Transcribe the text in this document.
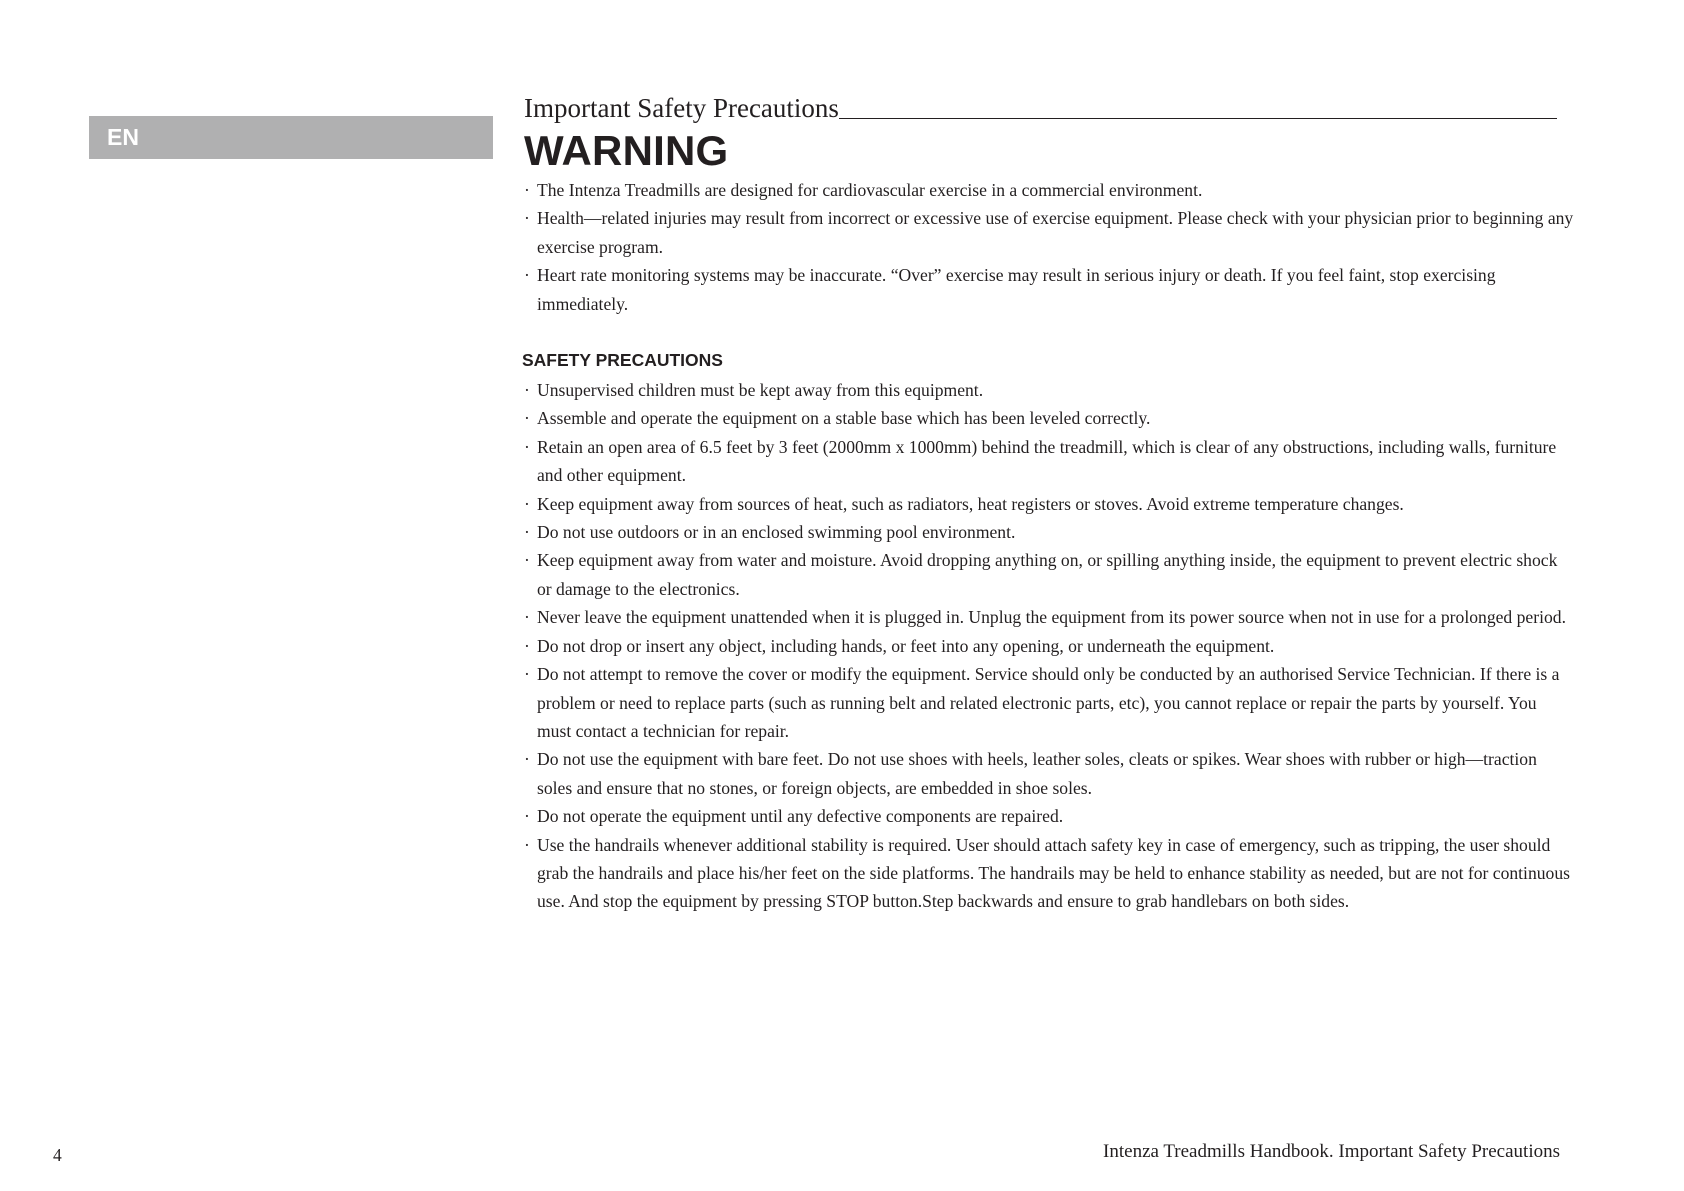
EN
Important Safety Precautions
WARNING
· The Intenza Treadmills are designed for cardiovascular exercise in a commercial environment.
· Health—related injuries may result from incorrect or excessive use of exercise equipment. Please check with your physician prior to beginning any exercise program.
· Heart rate monitoring systems may be inaccurate. “Over” exercise may result in serious injury or death. If you feel faint, stop exercising immediately.
SAFETY PRECAUTIONS
· Unsupervised children must be kept away from this equipment.
· Assemble and operate the equipment on a stable base which has been leveled correctly.
· Retain an open area of 6.5 feet by 3 feet (2000mm x 1000mm) behind the treadmill, which is clear of any obstructions, including walls, furniture and other equipment.
· Keep equipment away from sources of heat, such as radiators, heat registers or stoves. Avoid extreme temperature changes.
· Do not use outdoors or in an enclosed swimming pool environment.
· Keep equipment away from water and moisture. Avoid dropping anything on, or spilling anything inside, the equipment to prevent electric shock or damage to the electronics.
· Never leave the equipment unattended when it is plugged in. Unplug the equipment from its power source when not in use for a prolonged period.
· Do not drop or insert any object, including hands, or feet into any opening, or underneath the equipment.
· Do not attempt to remove the cover or modify the equipment. Service should only be conducted by an authorised Service Technician. If there is a problem or need to replace parts (such as running belt and related electronic parts, etc), you cannot replace or repair the parts by yourself. You must contact a technician for repair.
· Do not use the equipment with bare feet. Do not use shoes with heels, leather soles, cleats or spikes. Wear shoes with rubber or high—traction soles and ensure that no stones, or foreign objects, are embedded in shoe soles.
· Do not operate the equipment until any defective components are repaired.
· Use the handrails whenever additional stability is required. User should attach safety key in case of emergency, such as tripping, the user should grab the handrails and place his/her feet on the side platforms. The handrails may be held to enhance stability as needed, but are not for continuous use. And stop the equipment by pressing STOP button.Step backwards and ensure to grab handlebars on both sides.
4	Intenza Treadmills Handbook. Important Safety Precautions
